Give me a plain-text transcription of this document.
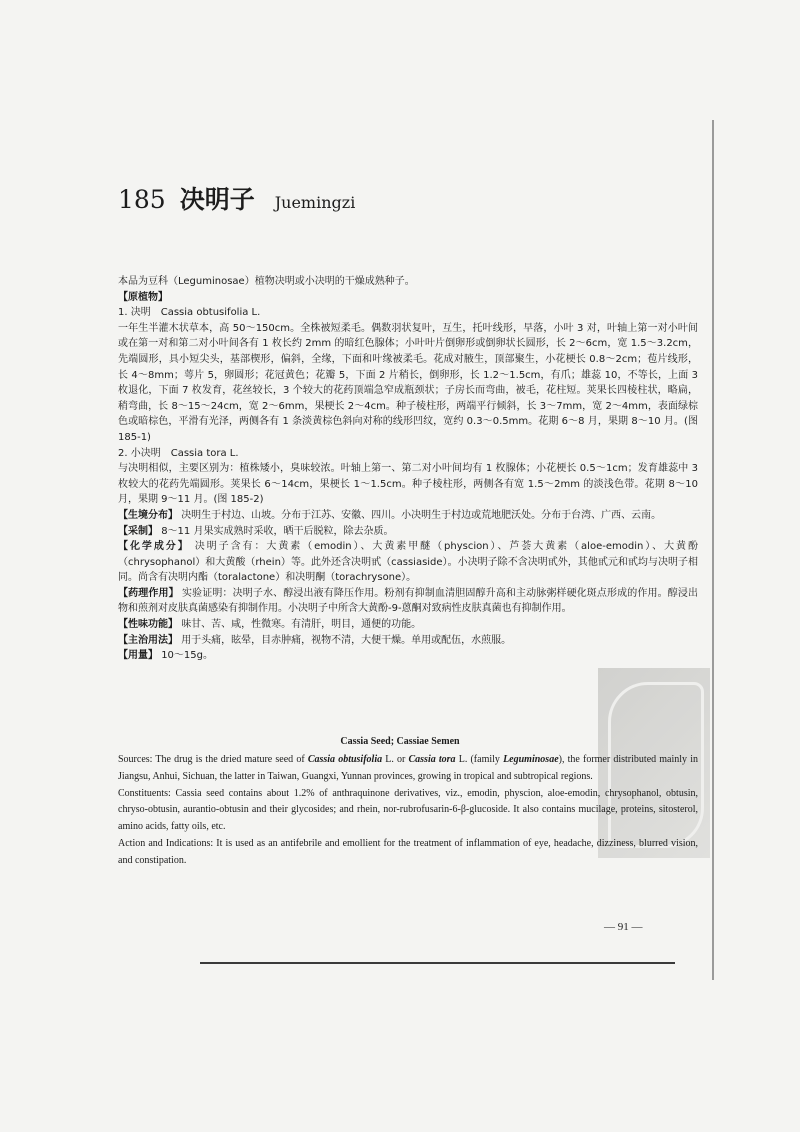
185 决明子 Juemingzi

本品为豆科（Leguminosae）植物决明或小决明的干燥成熟种子。

【原植物】

1. 决明　Cassia obtusifolia L.

一年生半灌木状草本，高 50～150cm。全株被短柔毛。偶数羽状复叶，互生，托叶线形，早落，小叶 3 对，叶轴上第一对小叶间或在第一对和第二对小叶间各有 1 枚长约 2mm 的暗红色腺体；小叶叶片倒卵形或倒卵状长圆形，长 2～6cm，宽 1.5～3.2cm，先端圆形，具小短尖头，基部楔形，偏斜，全缘，下面和叶缘被柔毛。花成对腋生，顶部聚生，小花梗长 0.8～2cm；苞片线形，长 4～8mm；萼片 5，卵圆形；花冠黄色；花瓣 5，下面 2 片稍长，倒卵形，长 1.2～1.5cm，有爪；雄蕊 10，不等长，上面 3 枚退化，下面 7 枚发育，花丝较长，3 个较大的花药顶端急窄成瓶颈状；子房长而弯曲，被毛，花柱短。荚果长四棱柱状，略扁，稍弯曲，长 8～15～24cm，宽 2～6mm，果梗长 2～4cm。种子棱柱形，两端平行倾斜，长 3～7mm，宽 2～4mm，表面绿棕色或暗棕色，平滑有光泽，两侧各有 1 条淡黄棕色斜向对称的线形凹纹，宽约 0.3～0.5mm。花期 6～8 月，果期 8～10 月。(图 185-1)

2. 小决明　Cassia tora L.

与决明相似，主要区别为：植株矮小，臭味较浓。叶轴上第一、第二对小叶间均有 1 枚腺体；小花梗长 0.5～1cm；发育雄蕊中 3 枚较大的花药先端圆形。荚果长 6～14cm，果梗长 1～1.5cm。种子棱柱形，两侧各有宽 1.5～2mm 的淡浅色带。花期 8～10 月，果期 9～11 月。(图 185-2)

【生境分布】 决明生于村边、山坡。分布于江苏、安徽、四川。小决明生于村边或荒地肥沃处。分布于台湾、广西、云南。

【采制】 8～11 月果实成熟时采收，晒干后脱粒，除去杂质。

【化学成分】 决明子含有：大黄素（emodin）、大黄素甲醚（physcion）、芦荟大黄素（aloe-emodin）、大黄酚（chrysophanol）和大黄酸（rhein）等。此外还含决明甙（cassiaside）。小决明子除不含决明甙外，其他甙元和甙均与决明子相同。尚含有决明内酯（toralactone）和决明酮（torachrysone）。

【药理作用】 实验证明：决明子水、醇浸出液有降压作用。粉剂有抑制血清胆固醇升高和主动脉粥样硬化斑点形成的作用。醇浸出物和煎剂对皮肤真菌感染有抑制作用。小决明子中所含大黄酚-9-蒽酮对致病性皮肤真菌也有抑制作用。

【性味功能】 味甘、苦、咸，性微寒。有清肝，明目，通便的功能。

【主治用法】 用于头痛，眩晕，目赤肿痛，视物不清，大便干燥。单用或配伍，水煎服。

【用量】 10～15g。

Cassia Seed; Cassiae Semen

Sources: The drug is the dried mature seed of Cassia obtusifolia L. or Cassia tora L. (family Leguminosae), the former distributed mainly in Jiangsu, Anhui, Sichuan, the latter in Taiwan, Guangxi, Yunnan provinces, growing in tropical and subtropical regions.

Constituents: Cassia seed contains about 1.2% of anthraquinone derivatives, viz., emodin, physcion, aloe-emodin, chrysophanol, obtusin, chryso-obtusin, aurantio-obtusin and their glycosides; and rhein, nor-rubrofusarin-6-β-glucoside. It also contains mucilage, proteins, sitosterol, amino acids, fatty oils, etc.

Action and Indications: It is used as an antifebrile and emollient for the treatment of inflammation of eye, headache, dizziness, blurred vision, and constipation.

— 91 —
